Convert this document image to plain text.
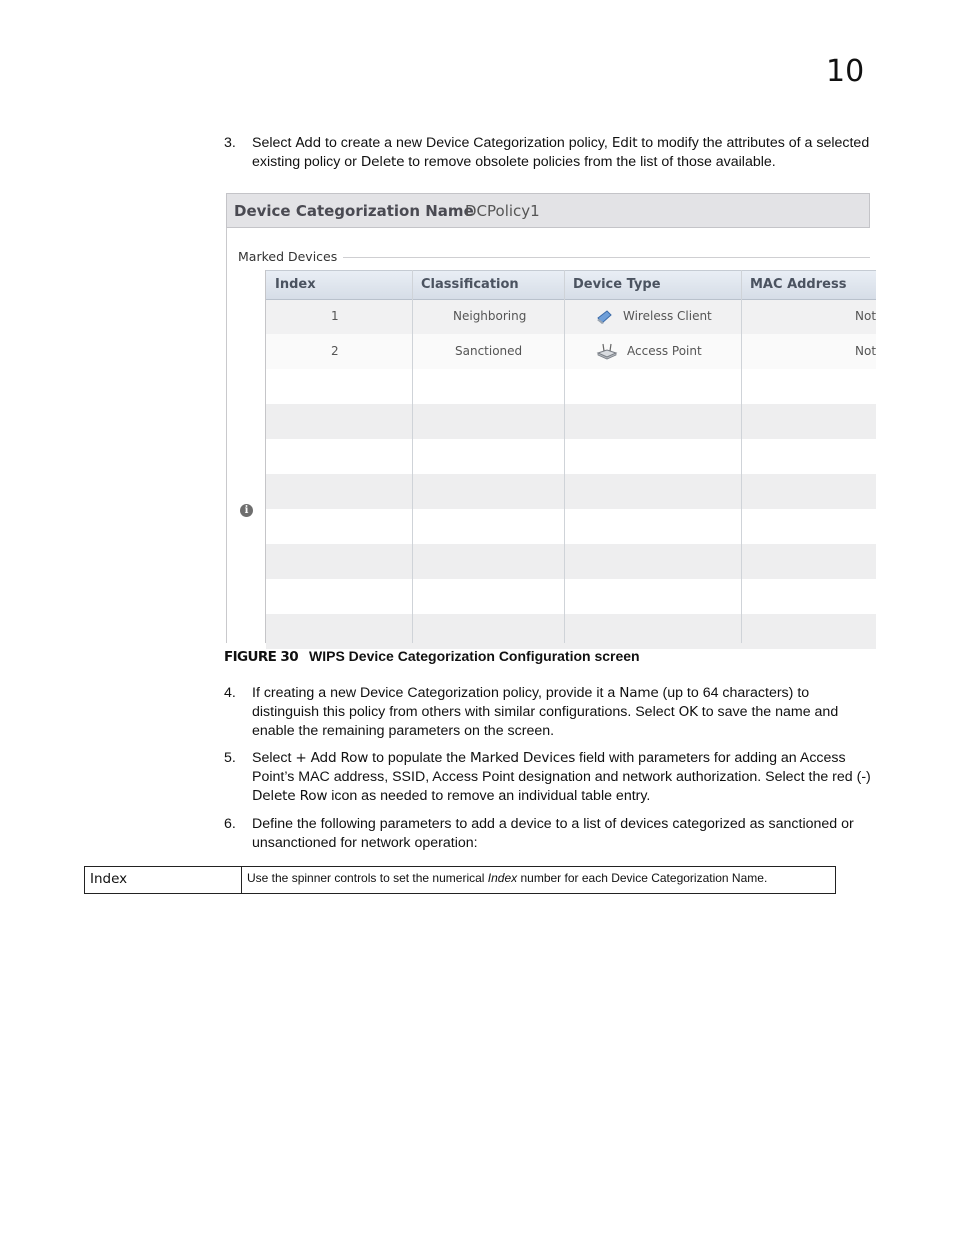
10
3. Select Add to create a new Device Categorization policy, Edit to modify the attributes of a selected existing policy or Delete to remove obsolete policies from the list of those available.
Device Categorization Name
DCPolicy1
Marked Devices
i
1	Neighboring	Wireless Client	Not
2	Sanctioned	Access Point	Not
Index	Classification	Device Type	MAC Address
FIGURE 30 WIPS Device Categorization Configuration screen
4. If creating a new Device Categorization policy, provide it a Name (up to 64 characters) to distinguish this policy from others with similar configurations. Select OK to save the name and enable the remaining parameters on the screen.
5. Select + Add Row to populate the Marked Devices field with parameters for adding an Access Point’s MAC address, SSID, Access Point designation and network authorization. Select the red (-) Delete Row icon as needed to remove an individual table entry.
6. Define the following parameters to add a device to a list of devices categorized as sanctioned or unsanctioned for network operation:
Index	Use the spinner controls to set the numerical Index number for each Device Categorization Name.
